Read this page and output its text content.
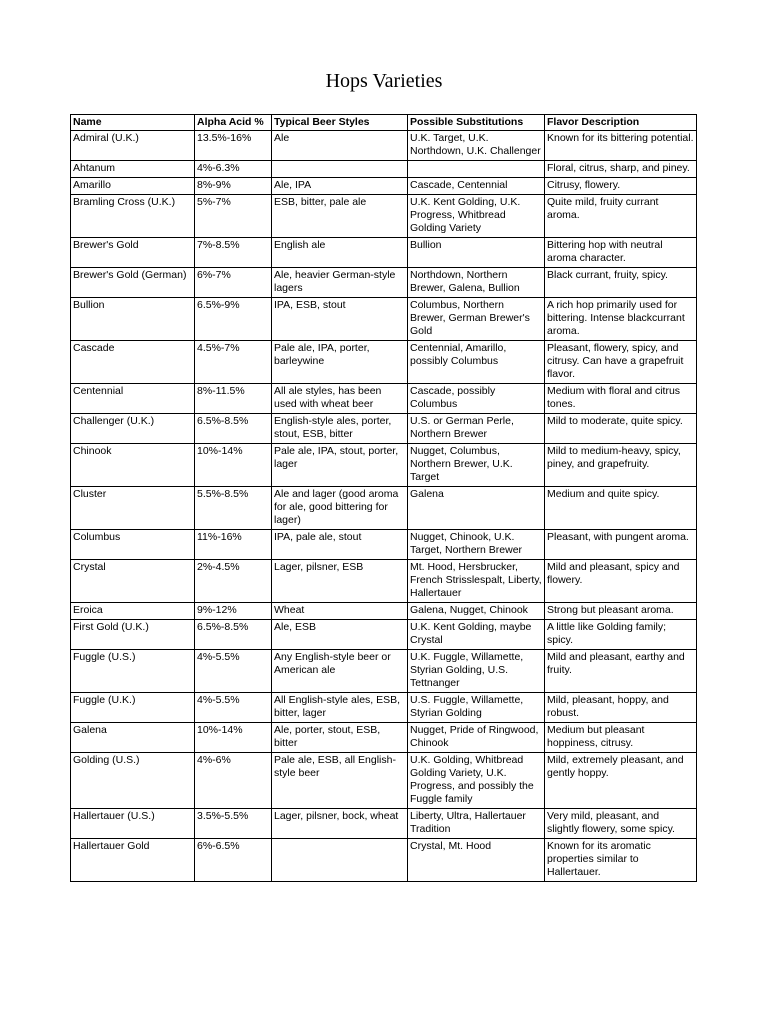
Hops Varieties
Name	Alpha Acid %	Typical Beer Styles	Possible Substitutions	Flavor Description
Admiral (U.K.)	13.5%-16%	Ale	U.K. Target, U.K. Northdown, U.K. Challenger	Known for its bittering potential.
Ahtanum	4%-6.3%			Floral, citrus, sharp, and piney.
Amarillo	8%-9%	Ale, IPA	Cascade, Centennial	Citrusy, flowery.
Bramling Cross (U.K.)	5%-7%	ESB, bitter, pale ale	U.K. Kent Golding, U.K. Progress, Whitbread Golding Variety	Quite mild, fruity currant aroma.
Brewer's Gold	7%-8.5%	English ale	Bullion	Bittering hop with neutral aroma character.
Brewer's Gold (German)	6%-7%	Ale, heavier German-style lagers	Northdown, Northern Brewer, Galena, Bullion	Black currant, fruity, spicy.
Bullion	6.5%-9%	IPA, ESB, stout	Columbus, Northern Brewer, German Brewer's Gold	A rich hop primarily used for bittering. Intense blackcurrant aroma.
Cascade	4.5%-7%	Pale ale, IPA, porter, barleywine	Centennial, Amarillo, possibly Columbus	Pleasant, flowery, spicy, and citrusy. Can have a grapefruit flavor.
Centennial	8%-11.5%	All ale styles, has been used with wheat beer	Cascade, possibly Columbus	Medium with floral and citrus tones.
Challenger (U.K.)	6.5%-8.5%	English-style ales, porter, stout, ESB, bitter	U.S. or German Perle, Northern Brewer	Mild to moderate, quite spicy.
Chinook	10%-14%	Pale ale, IPA, stout, porter, lager	Nugget, Columbus, Northern Brewer, U.K. Target	Mild to medium-heavy, spicy, piney, and grapefruity.
Cluster	5.5%-8.5%	Ale and lager (good aroma for ale, good bittering for lager)	Galena	Medium and quite spicy.
Columbus	11%-16%	IPA, pale ale, stout	Nugget, Chinook, U.K. Target, Northern Brewer	Pleasant, with pungent aroma.
Crystal	2%-4.5%	Lager, pilsner, ESB	Mt. Hood, Hersbrucker, French Strisslespalt, Liberty, Hallertauer	Mild and pleasant, spicy and flowery.
Eroica	9%-12%	Wheat	Galena, Nugget, Chinook	Strong but pleasant aroma.
First Gold (U.K.)	6.5%-8.5%	Ale, ESB	U.K. Kent Golding, maybe Crystal	A little like Golding family; spicy.
Fuggle (U.S.)	4%-5.5%	Any English-style beer or American ale	U.K. Fuggle, Willamette, Styrian Golding, U.S. Tettnanger	Mild and pleasant, earthy and fruity.
Fuggle (U.K.)	4%-5.5%	All English-style ales, ESB, bitter, lager	U.S. Fuggle, Willamette, Styrian Golding	Mild, pleasant, hoppy, and robust.
Galena	10%-14%	Ale, porter, stout, ESB, bitter	Nugget, Pride of Ringwood, Chinook	Medium but pleasant hoppiness, citrusy.
Golding (U.S.)	4%-6%	Pale ale, ESB, all English-style beer	U.K. Golding, Whitbread Golding Variety, U.K. Progress, and possibly the Fuggle family	Mild, extremely pleasant, and gently hoppy.
Hallertauer (U.S.)	3.5%-5.5%	Lager, pilsner, bock, wheat	Liberty, Ultra, Hallertauer Tradition	Very mild, pleasant, and slightly flowery, some spicy.
Hallertauer Gold	6%-6.5%		Crystal, Mt. Hood	Known for its aromatic properties similar to Hallertauer.
